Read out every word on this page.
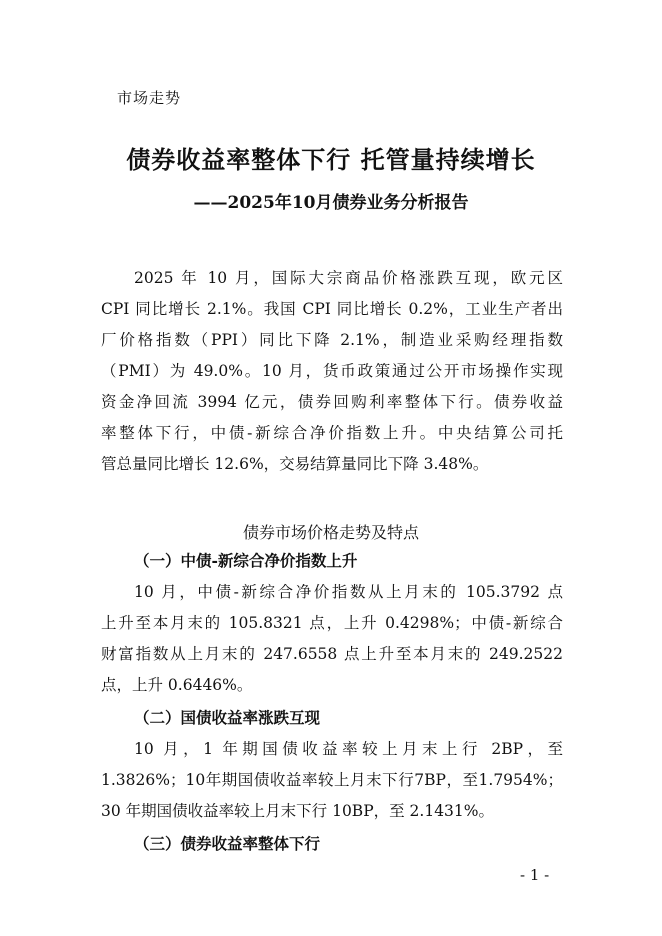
市场走势
债券收益率整体下行 托管量持续增长
——2025年10月债券业务分析报告
2025 年 10 月，国际大宗商品价格涨跌互现，欧元区
CPI 同比增长 2.1%。我国 CPI 同比增长 0.2%，工业生产者出
厂价格指数（PPI）同比下降 2.1%，制造业采购经理指数
（PMI）为 49.0%。10 月，货币政策通过公开市场操作实现
资金净回流 3994 亿元，债券回购利率整体下行。债券收益
率整体下行，中债-新综合净价指数上升。中央结算公司托
管总量同比增长 12.6%，交易结算量同比下降 3.48%。
债券市场价格走势及特点
（一）中债-新综合净价指数上升
10 月，中债-新综合净价指数从上月末的 105.3792 点
上升至本月末的 105.8321 点，上升 0.4298%；中债-新综合
财富指数从上月末的 247.6558 点上升至本月末的 249.2522
点，上升 0.6446%。
（二）国债收益率涨跌互现
10 月，1 年期国债收益率较上月末上行 2BP，至
1.3826%；10年期国债收益率较上月末下行7BP，至1.7954%；
30 年期国债收益率较上月末下行 10BP，至 2.1431%。
（三）债券收益率整体下行
- 1 -
